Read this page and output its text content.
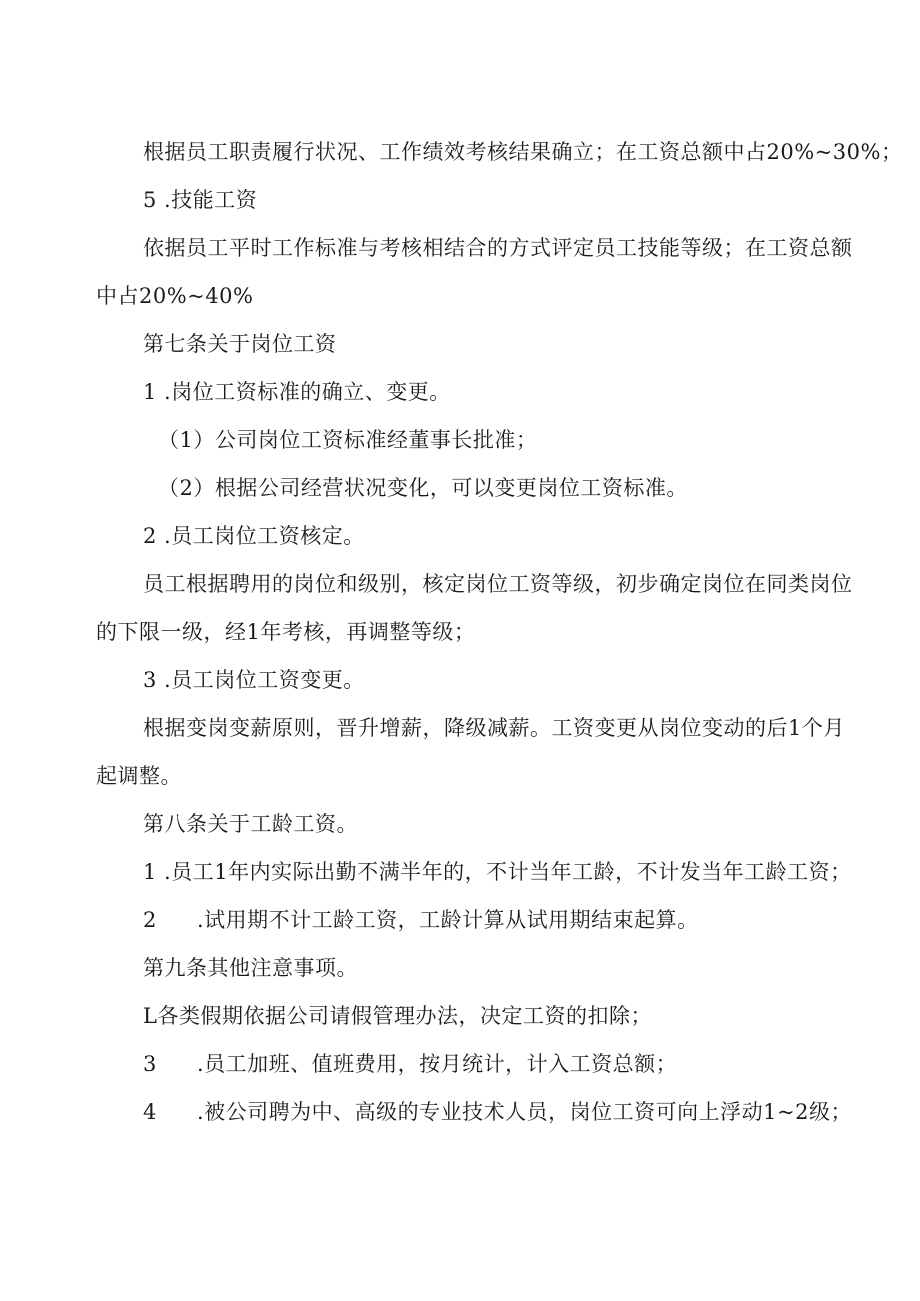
根据员工职责履行状况、工作绩效考核结果确立；在工资总额中占20%~30%；
5 .技能工资
依据员工平时工作标准与考核相结合的方式评定员工技能等级；在工资总额
中占20%~40%
第七条关于岗位工资
1 .岗位工资标准的确立、变更。
（1）公司岗位工资标准经董事长批准；
（2）根据公司经营状况变化，可以变更岗位工资标准。
2 .员工岗位工资核定。
员工根据聘用的岗位和级别，核定岗位工资等级，初步确定岗位在同类岗位
的下限一级，经1年考核，再调整等级；
3 .员工岗位工资变更。
根据变岗变薪原则，晋升增薪，降级减薪。工资变更从岗位变动的后1个月
起调整。
第八条关于工龄工资。
1 .员工1年内实际出勤不满半年的，不计当年工龄，不计发当年工龄工资；
2 .试用期不计工龄工资，工龄计算从试用期结束起算。
第九条其他注意事项。
L各类假期依据公司请假管理办法，决定工资的扣除；
3 .员工加班、值班费用，按月统计，计入工资总额；
4 .被公司聘为中、高级的专业技术人员，岗位工资可向上浮动1~2级；
